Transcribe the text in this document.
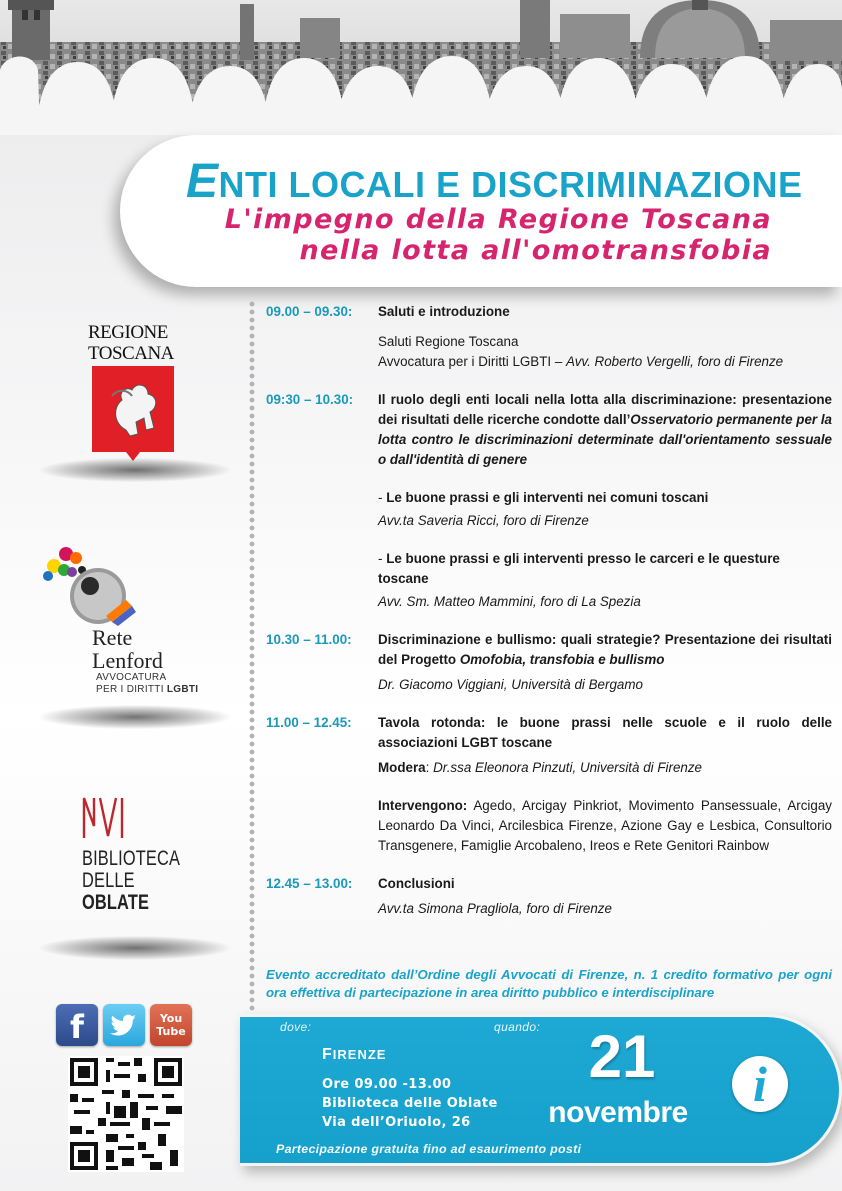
ENTI LOCALI E DISCRIMINAZIONE
L'impegno della Regione Toscana
nella lotta all'omotransfobia
REGIONE
TOSCANA
Rete
Lenford
AVVOCATURA
PER I DIRITTI LGBTI
BIBLIOTECA
DELLE
OBLATE
09.00 – 09.30: Saluti e introduzione

Saluti Regione Toscana

Avvocatura per i Diritti LGBTI – Avv. Roberto Vergelli, foro di Firenze

09:30 – 10.30: Il ruolo degli enti locali nella lotta alla discriminazione: presentazione dei risultati delle ricerche condotte dall’Osservatorio permanente per la lotta contro le discriminazioni determinate dall'orientamento sessuale o dall'identità di genere

- Le buone prassi e gli interventi nei comuni toscani

Avv.ta Saveria Ricci, foro di Firenze

- Le buone prassi e gli interventi presso le carceri e le questure toscane

Avv. Sт. Matteo Mammini, foro di La Spezia

10.30 – 11.00: Discriminazione e bullismo: quali strategie? Presentazione dei risultati del Progetto Omofobia, transfobia e bullismo

Dr. Giacomo Viggiani, Università di Bergamo

11.00 – 12.45: Tavola rotonda: le buone prassi nelle scuole e il ruolo delle associazioni LGBT toscane

Modera: Dr.ssa Eleonora Pinzuti, Università di Firenze

Intervengono: Agedo, Arcigay Pinkriot, Movimento Pansessuale, Arcigay Leonardo Da Vinci, Arcilesbica Firenze, Azione Gay e Lesbica, Consultorio Transgenere, Famiglie Arcobaleno, Ireos e Rete Genitori Rainbow

12.45 – 13.00: Conclusioni

Avv.ta Simona Pragliola, foro di Firenze

Evento accreditato dall’Ordine degli Avvocati di Firenze, n. 1 credito formativo per ogni ora effettiva di partecipazione in area diritto pubblico e interdisciplinare
f	You
Tube	dove:	quando:
FIRENZE
Ore 09.00 -13.00
Biblioteca delle Oblate
Via dell’Oriuolo, 26
21
novembre
i
Partecipazione gratuita fino ad esaurimento posti
